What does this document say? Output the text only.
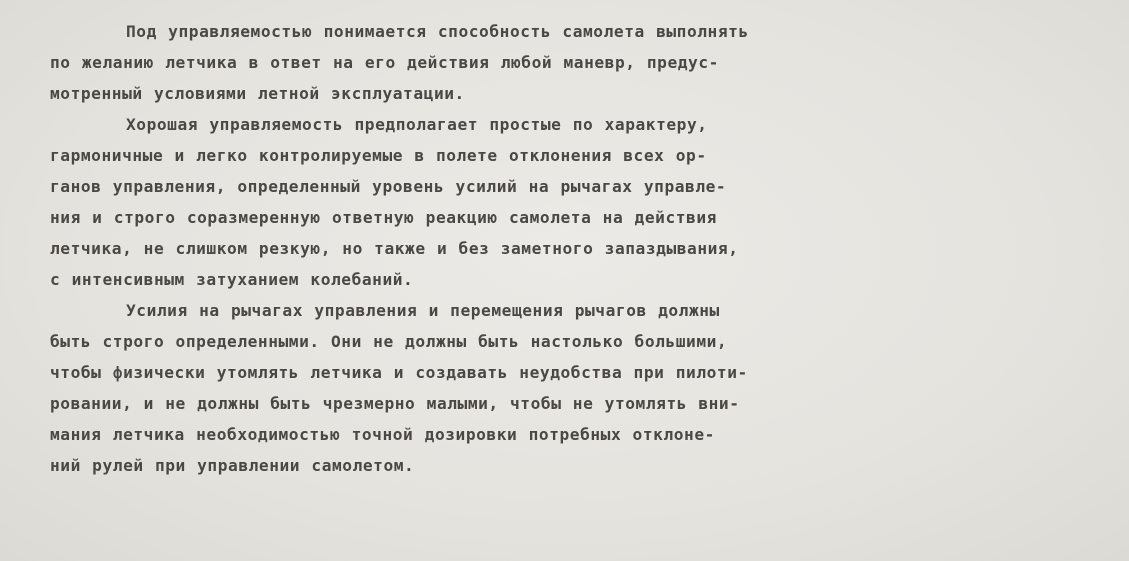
Под управляемостью понимается способность самолета выполнять
по желанию летчика в ответ на его действия любой маневр, предус-
мотренный условиями летной эксплуатации.
Хорошая управляемость предполагает простые по характеру,
гармоничные и легко контролируемые в полете отклонения всех ор-
ганов управления, определенный уровень усилий на рычагах управле-
ния и строго соразмеренную ответную реакцию самолета на действия
летчика, не слишком резкую, но также и без заметного запаздывания,
с интенсивным затуханием колебаний.
Усилия на рычагах управления и перемещения рычагов должны
быть строго определенными. Они не должны быть настолько большими,
чтобы физически утомлять летчика и создавать неудобства при пилоти-
ровании, и не должны быть чрезмерно малыми, чтобы не утомлять вни-
мания летчика необходимостью точной дозировки потребных отклоне-
ний рулей при управлении самолетом.
